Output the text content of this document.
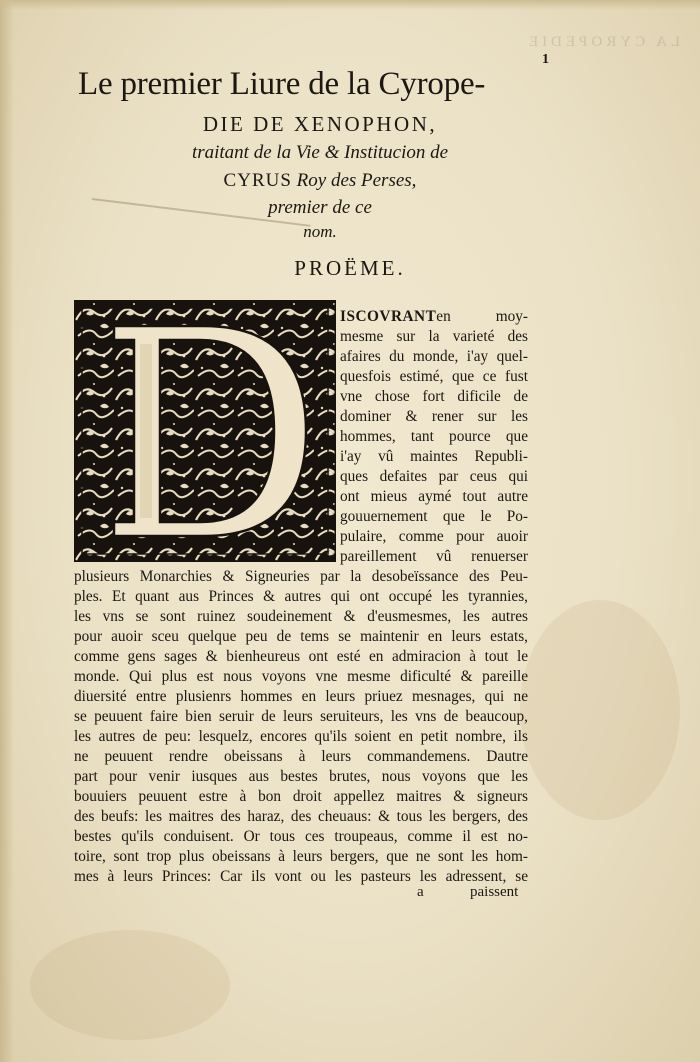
LA CYROPEDIE
1
Le premier Liure de la Cyrope-
DIE DE XENOPHON,
traitant de la Vie & Institucion de
CYRUS Roy des Perses,
premier de ce
nom.
PROËME.
ISCOVRANTen moy-
mesme sur la varieté des
afaires du monde, i'ay quel-
quesfois estimé, que ce fust
vne chose fort dificile de
dominer & rener sur les
hommes, tant pource que
i'ay vû maintes Republi-
ques defaites par ceus qui
ont mieus aymé tout autre
gouuernement que le Po-
pulaire, comme pour auoir
pareillement vû renuerser
plusieurs Monarchies & Signeuries par la desobeïssance des Peu-
ples. Et quant aus Princes & autres qui ont occupé les tyrannies,
les vns se sont ruinez soudeinement & d'eusmesmes, les autres
pour auoir sceu quelque peu de tems se maintenir en leurs estats,
comme gens sages & bienheureus ont esté en admiracion à tout le
monde. Qui plus est nous voyons vne mesme dificulté & pareille
diuersité entre plusienrs hommes en leurs priuez mesnages, qui ne
se peuuent faire bien seruir de leurs seruiteurs, les vns de beaucoup,
les autres de peu: lesquelz, encores qu'ils soient en petit nombre, ils
ne peuuent rendre obeissans à leurs commandemens. Dautre
part pour venir iusques aus bestes brutes, nous voyons que les
bouuiers peuuent estre à bon droit appellez maitres & signeurs
des beufs: les maitres des haraz, des cheuaus: & tous les bergers, des
bestes qu'ils conduisent. Or tous ces troupeaus, comme il est no-
toire, sont trop plus obeissans à leurs bergers, que ne sont les hom-
mes à leurs Princes: Car ils vont ou les pasteurs les adressent, se
a	paissent
